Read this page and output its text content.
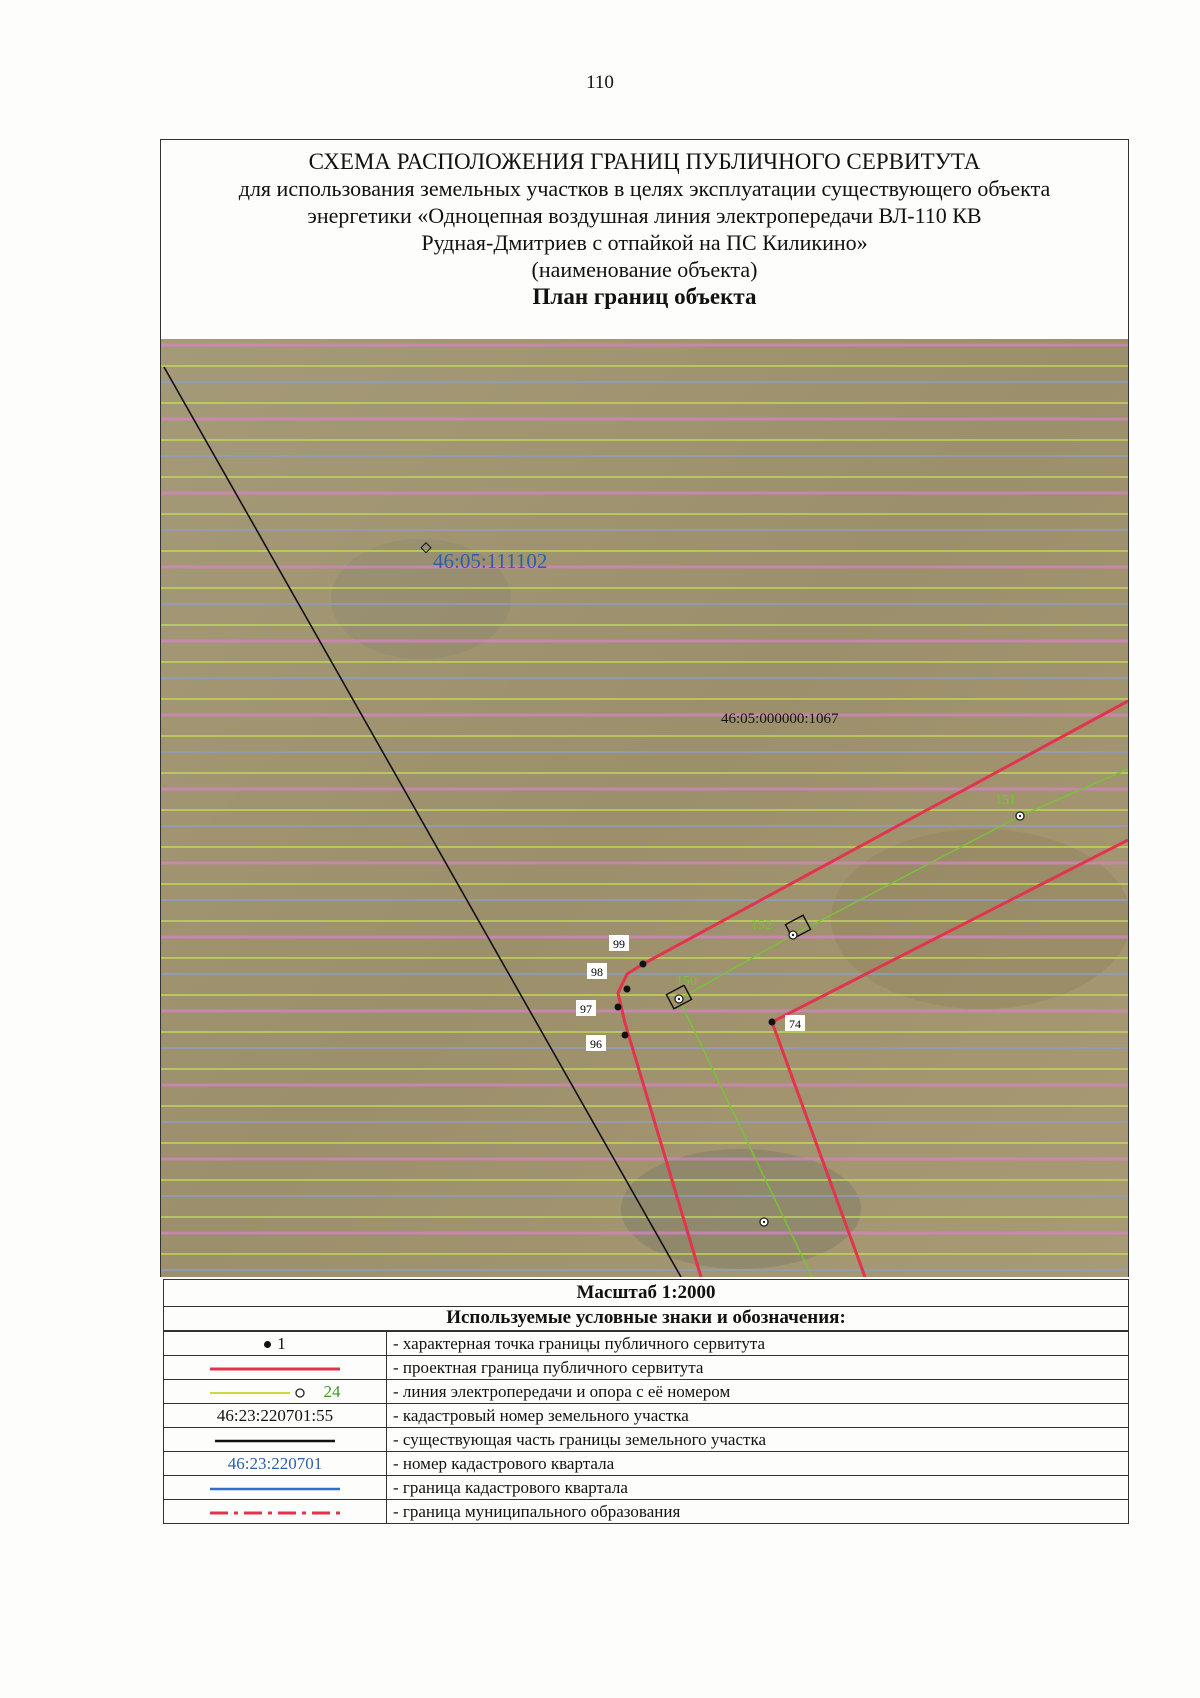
110
СХЕМА РАСПОЛОЖЕНИЯ ГРАНИЦ ПУБЛИЧНОГО СЕРВИТУТА
для использования земельных участков в целях эксплуатации существующего объекта
энергетики «Одноцепная воздушная линия электропередачи ВЛ-110 КВ
Рудная-Дмитриев с отпайкой на ПС Киликино»
(наименование объекта)
План границ объекта
151
152
150
99
98
97
96
74
46:05:111102
46:05:000000:1067
Масштаб 1:2000
Используемые условные знаки и обозначения:
1	- характерная точка границы публичного сервитута
	- проектная граница публичного сервитута
24	- линия электропередачи и опора с её номером
46:23:220701:55	- кадастровый номер земельного участка
	- существующая часть границы земельного участка
46:23:220701	- номер кадастрового квартала
	- граница кадастрового квартала
	- граница муниципального образования
